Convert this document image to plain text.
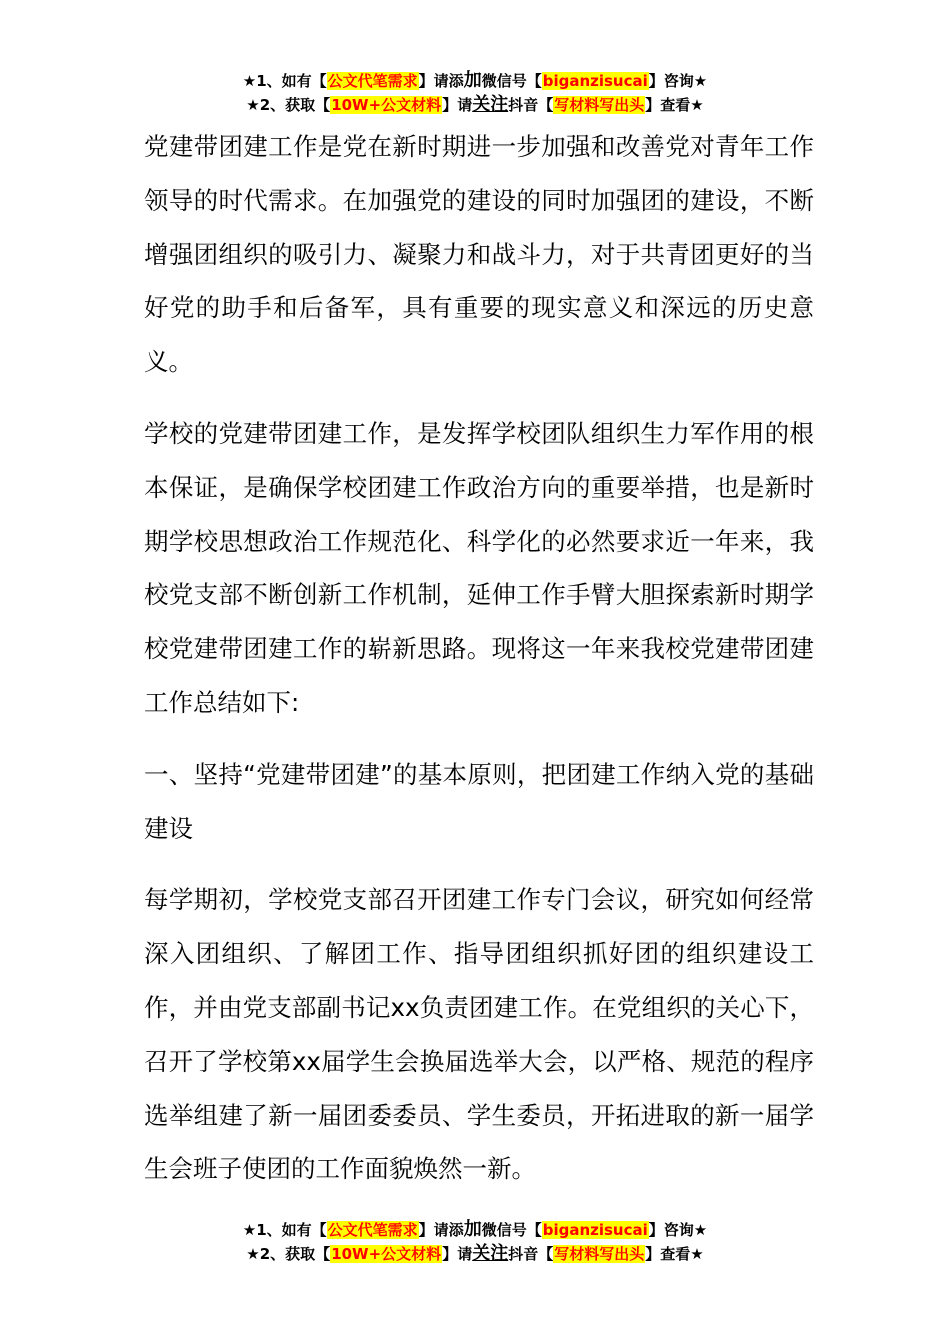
★1、如有【公文代笔需求】请添加微信号【biganzisucai】咨询★
★2、获取【10W+公文材料】请关注抖音【写材料写出头】查看★

党建带团建工作是党在新时期进一步加强和改善党对青年工作领导的时代需求。在加强党的建设的同时加强团的建设，不断增强团组织的吸引力、凝聚力和战斗力，对于共青团更好的当好党的助手和后备军，具有重要的现实意义和深远的历史意义。

学校的党建带团建工作，是发挥学校团队组织生力军作用的根本保证，是确保学校团建工作政治方向的重要举措，也是新时期学校思想政治工作规范化、科学化的必然要求近一年来，我校党支部不断创新工作机制，延伸工作手臂大胆探索新时期学校党建带团建工作的崭新思路。现将这一年来我校党建带团建工作总结如下:

一、坚持“党建带团建”的基本原则，把团建工作纳入党的基础建设

每学期初，学校党支部召开团建工作专门会议，研究如何经常深入团组织、了解团工作、指导团组织抓好团的组织建设工作，并由党支部副书记xx负责团建工作。在党组织的关心下，召开了学校第xx届学生会换届选举大会，以严格、规范的程序选举组建了新一届团委委员、学生委员，开拓进取的新一届学生会班子使团的工作面貌焕然一新。

★1、如有【公文代笔需求】请添加微信号【biganzisucai】咨询★
★2、获取【10W+公文材料】请关注抖音【写材料写出头】查看★
